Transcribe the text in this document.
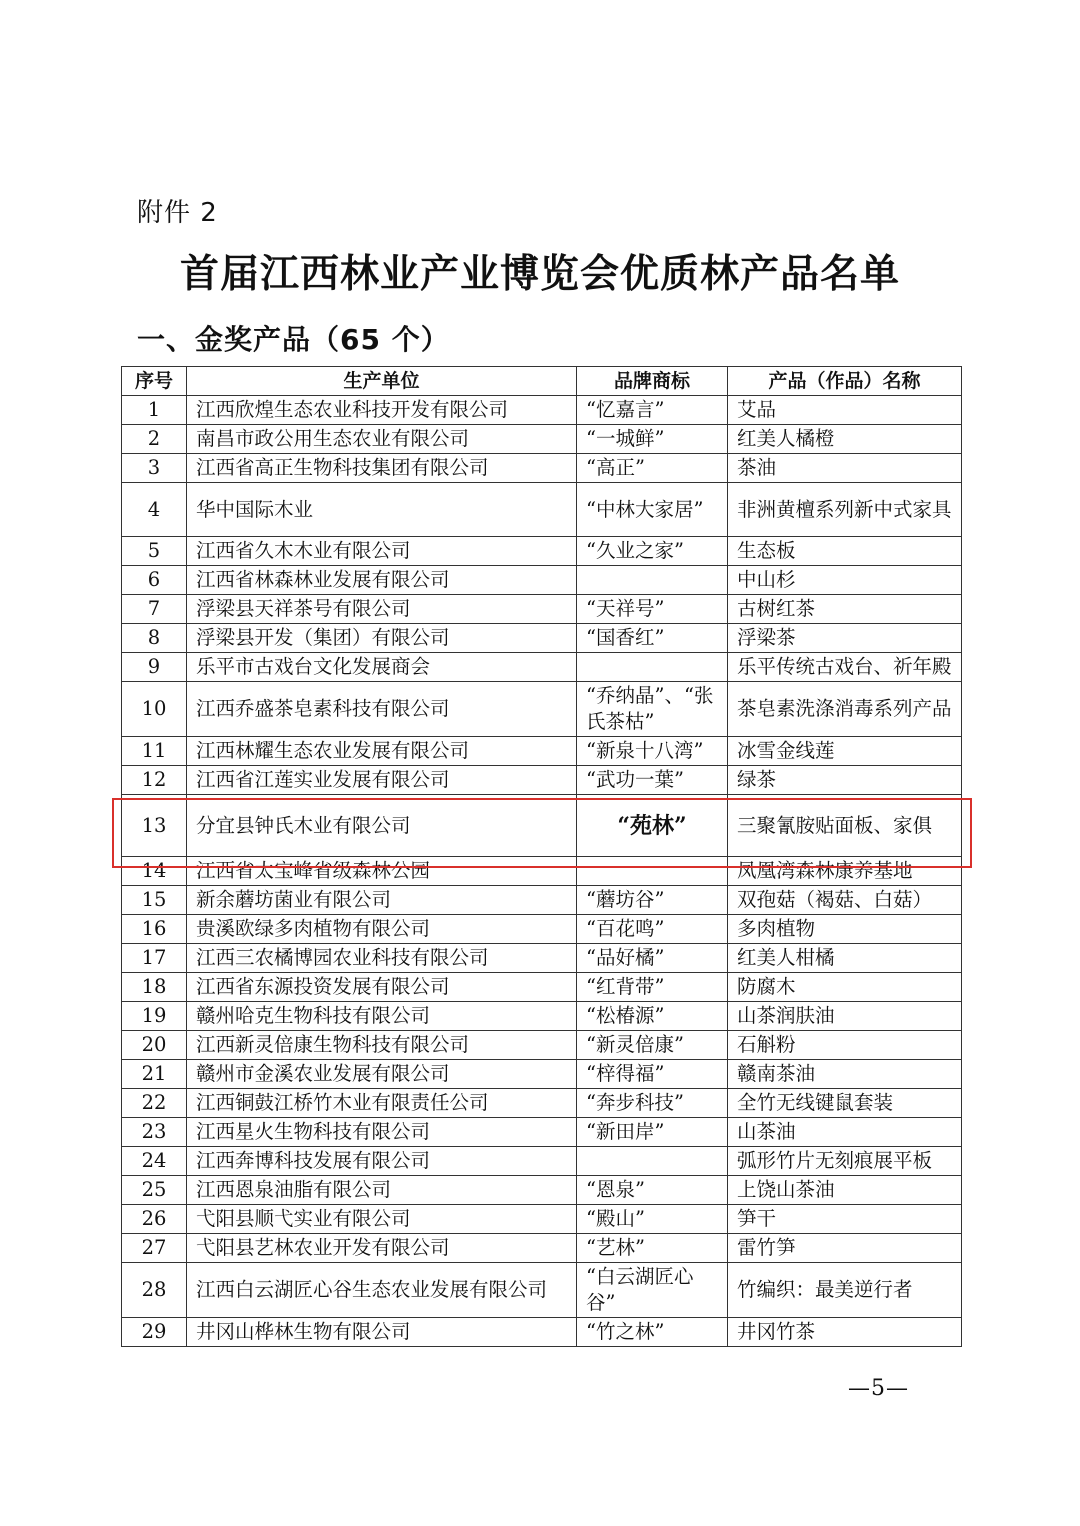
附件 2
首届江西林业产业博览会优质林产品名单
一、金奖产品（65 个）
序号	生产单位	品牌商标	产品（作品）名称
1	江西欣煌生态农业科技开发有限公司	“忆嘉言”	艾品
2	南昌市政公用生态农业有限公司	“一城鲜”	红美人橘橙
3	江西省高正生物科技集团有限公司	“高正”	茶油
4	华中国际木业	“中林大家居”	非洲黄檀系列新中式家具
5	江西省久木木业有限公司	“久业之家”	生态板
6	江西省林森林业发展有限公司		中山杉
7	浮梁县天祥茶号有限公司	“天祥号”	古树红茶
8	浮梁县开发（集团）有限公司	“国香红”	浮梁茶
9	乐平市古戏台文化发展商会		乐平传统古戏台、祈年殿
10	江西乔盛茶皂素科技有限公司	“乔纳晶”、“张氏茶枯”	茶皂素洗涤消毒系列产品
11	江西林耀生态农业发展有限公司	“新泉十八湾”	冰雪金线莲
12	江西省江莲实业发展有限公司	“武功一葉”	绿茶
13	分宜县钟氏木业有限公司	“苑林”	三聚氰胺贴面板、家俱
14	江西省太宝峰省级森林公园		凤凰湾森林康养基地
15	新余蘑坊菌业有限公司	“蘑坊谷”	双孢菇（褐菇、白菇）
16	贵溪欧绿多肉植物有限公司	“百花鸣”	多肉植物
17	江西三农橘博园农业科技有限公司	“品好橘”	红美人柑橘
18	江西省东源投资发展有限公司	“红背带”	防腐木
19	赣州哈克生物科技有限公司	“松椿源”	山茶润肤油
20	江西新灵倍康生物科技有限公司	“新灵倍康”	石斛粉
21	赣州市金溪农业发展有限公司	“梓得福”	赣南茶油
22	江西铜鼓江桥竹木业有限责任公司	“奔步科技”	全竹无线键鼠套装
23	江西星火生物科技有限公司	“新田岸”	山茶油
24	江西奔博科技发展有限公司		弧形竹片无刻痕展平板
25	江西恩泉油脂有限公司	“恩泉”	上饶山茶油
26	弋阳县顺弋实业有限公司	“殿山”	笋干
27	弋阳县艺林农业开发有限公司	“艺林”	雷竹笋
28	江西白云湖匠心谷生态农业发展有限公司	“白云湖匠心谷”	竹编织：最美逆行者
29	井冈山桦林生物有限公司	“竹之林”	井冈竹茶
—5—
